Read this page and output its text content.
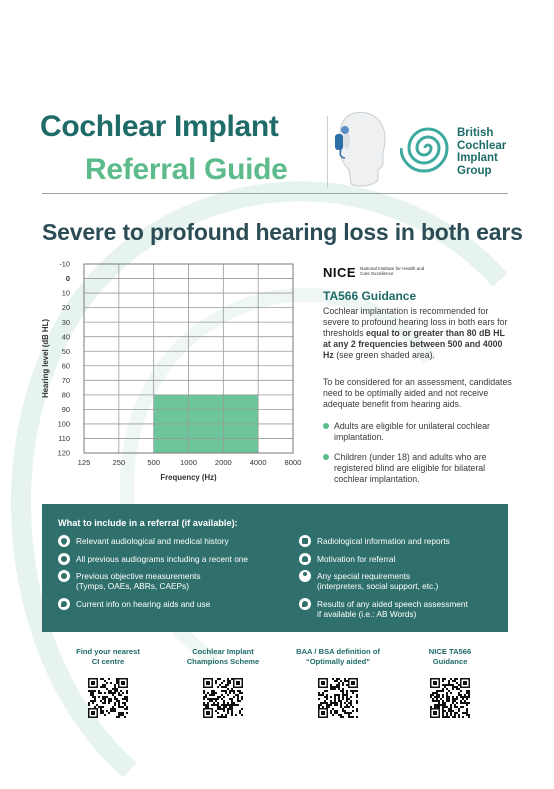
Cochlear Implant
Referral Guide
British
Cochlear
Implant
Group
Severe to profound hearing loss in both ears
125	250	500	1000 2000 4000 8000
-10
0
10
20
30
40
50
60
70
80
90
100
110
120
Frequency (Hz)
Hearing level (dB HL)
NICE National Institute for Health and Care Excellence
TA566 Guidance
Cochlear implantation is recommended for severe to profound hearing loss in both ears for thresholds equal to or greater than 80 dB HL at any 2 frequencies between 500 and 4000 Hz (see green shaded area).
To be considered for an assessment, candidates need to be optimally aided and not receive adequate benefit from hearing aids.
Adults are eligible for unilateral cochlear implantation.
Children (under 18) and adults who are registered blind are eligible for bilateral cochlear implantation.
What to include in a referral (if available):
Relevant audiological and medical history
All previous audiograms including a recent one
Previous objective measurements
(Tymps, OAEs, ABRs, CAEPs)
Current info on hearing aids and use
Radiological information and reports
Motivation for referral
Any special requirements
(interpreters, social support, etc.)
Results of any aided speech assessment
if available (i.e.: AB Words)
Find your nearest
CI centre
Cochlear Implant
Champions Scheme
BAA / BSA definition of
“Optimally aided”
NICE TA566
Guidance
